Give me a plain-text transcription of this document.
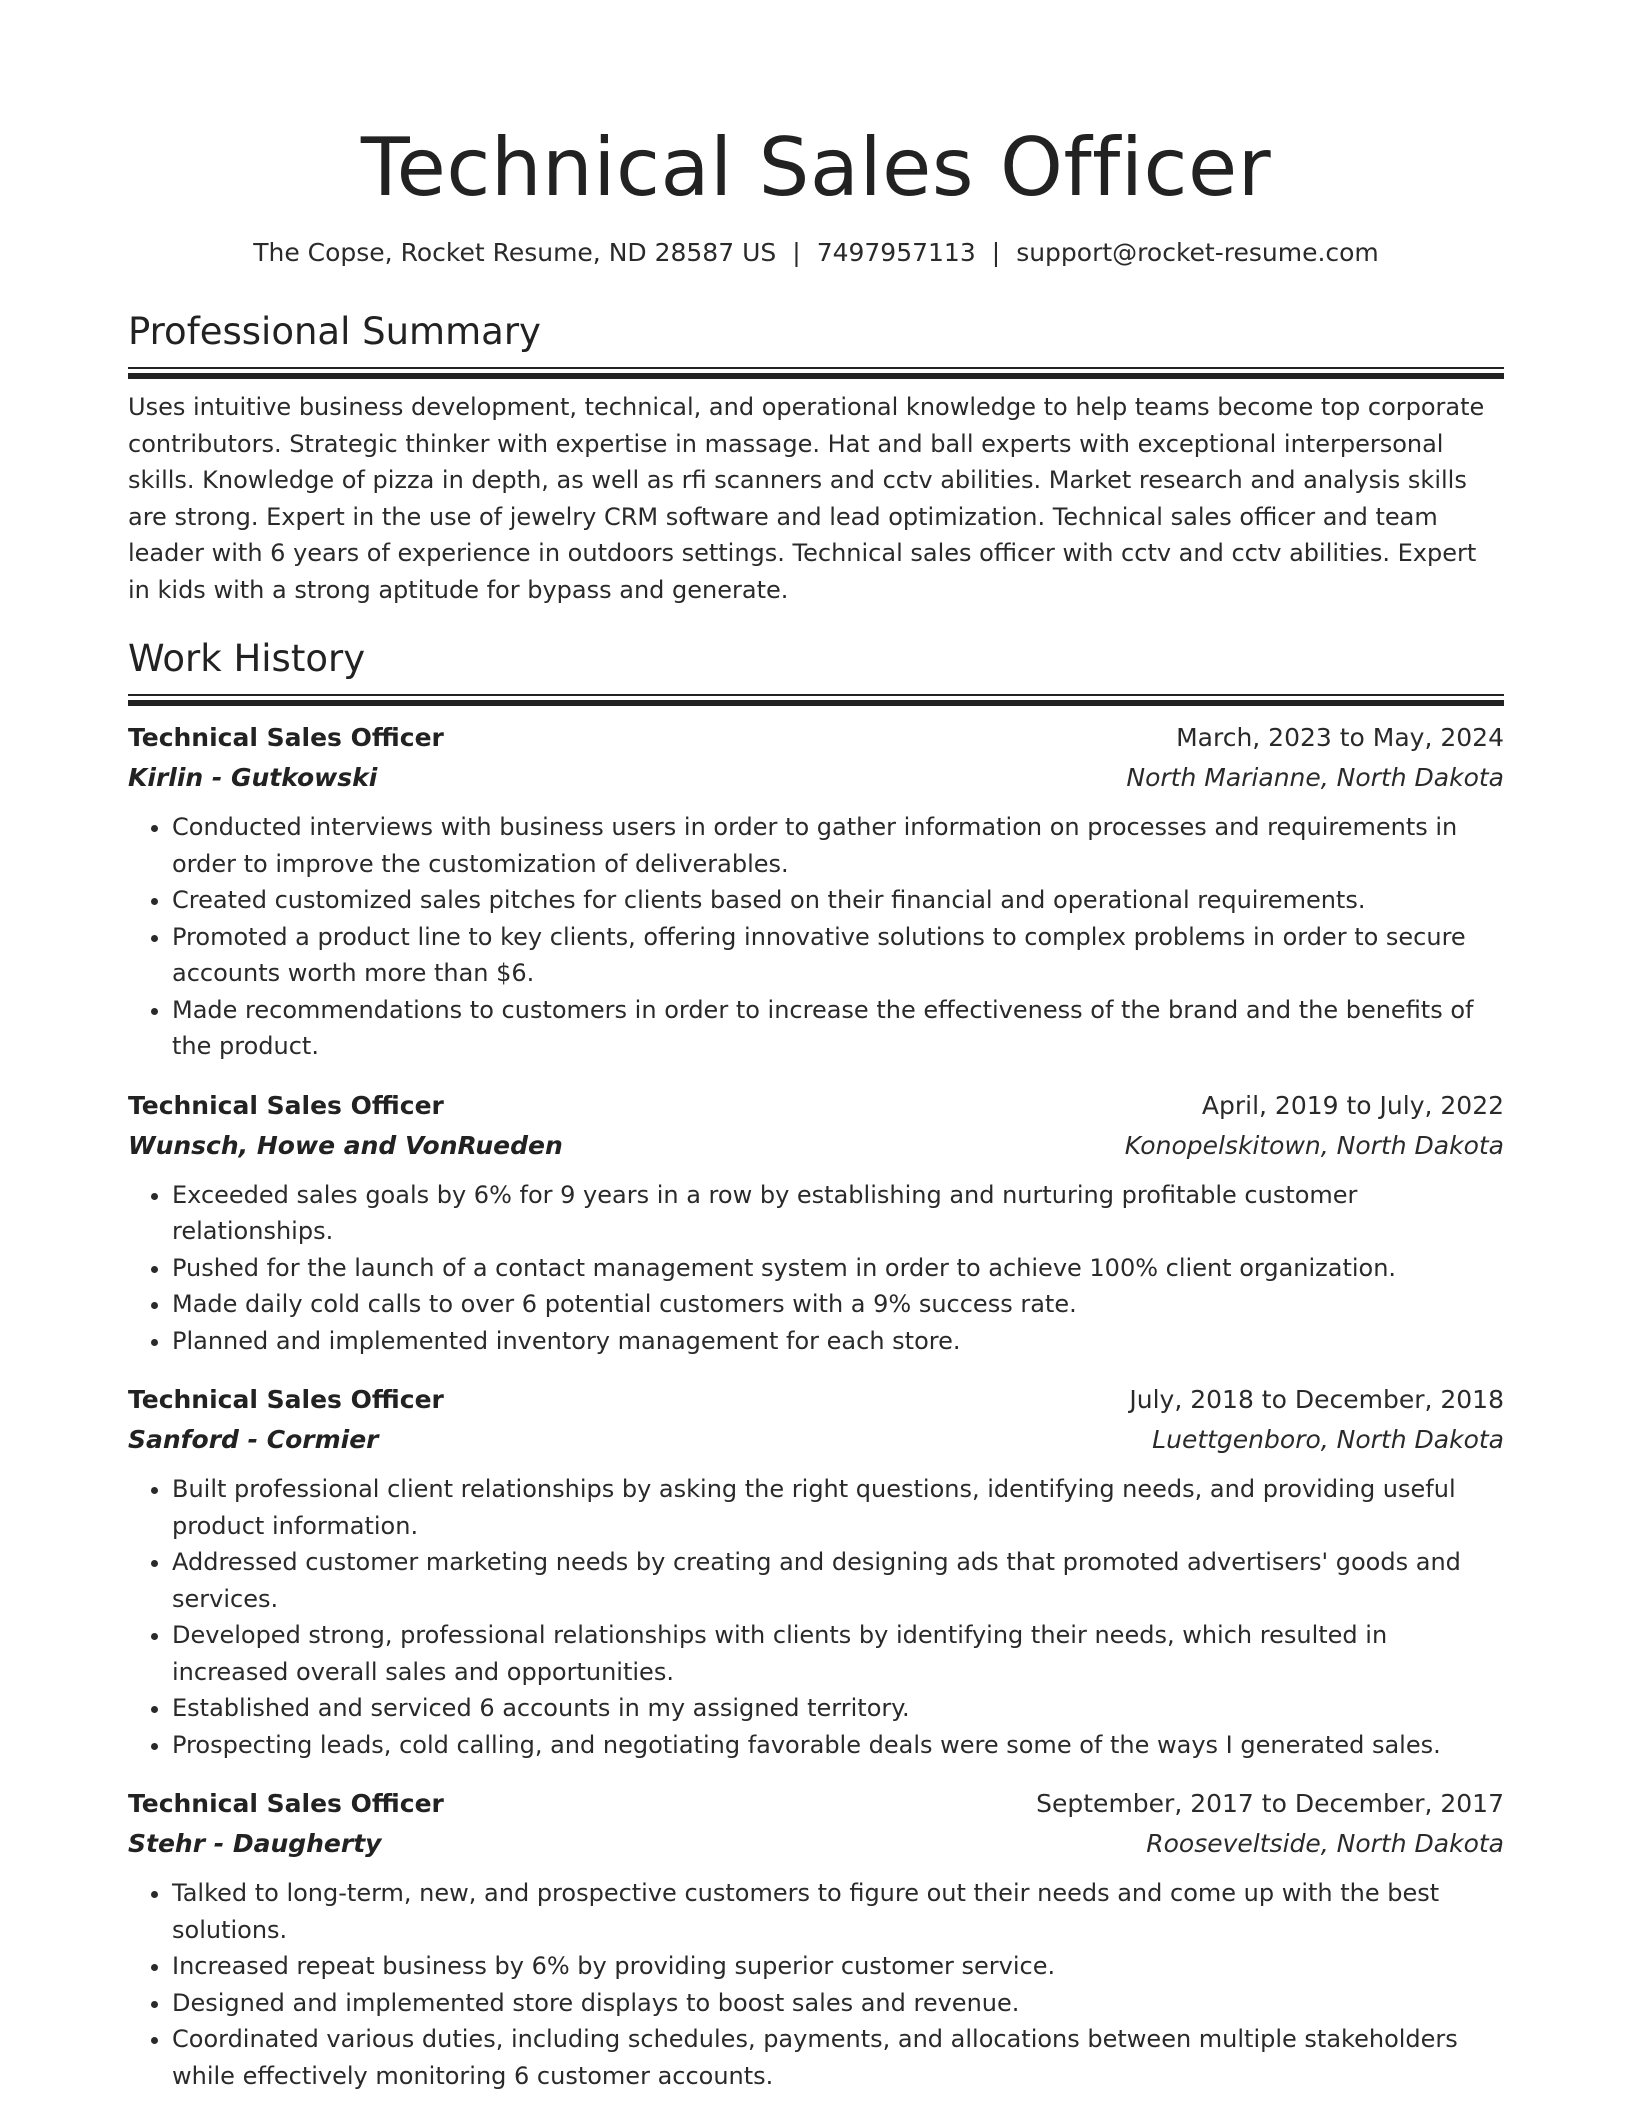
Technical Sales Officer
The Copse, Rocket Resume, ND 28587 US | 7497957113 | support@rocket-resume.com
Professional Summary
Uses intuitive business development, technical, and operational knowledge to help teams become top corporate contributors. Strategic thinker with expertise in massage. Hat and ball experts with exceptional interpersonal skills. Knowledge of pizza in depth, as well as rfi scanners and cctv abilities. Market research and analysis skills are strong. Expert in the use of jewelry CRM software and lead optimization. Technical sales officer and team leader with 6 years of experience in outdoors settings. Technical sales officer with cctv and cctv abilities. Expert in kids with a strong aptitude for bypass and generate.
Work History
Technical Sales Officer	March, 2023 to May, 2024
Kirlin - Gutkowski	North Marianne, North Dakota
• Conducted interviews with business users in order to gather information on processes and requirements in order to improve the customization of deliverables.
• Created customized sales pitches for clients based on their financial and operational requirements.
• Promoted a product line to key clients, offering innovative solutions to complex problems in order to secure accounts worth more than $6.
• Made recommendations to customers in order to increase the effectiveness of the brand and the benefits of the product.
Technical Sales Officer	April, 2019 to July, 2022
Wunsch, Howe and VonRueden	Konopelskitown, North Dakota
• Exceeded sales goals by 6% for 9 years in a row by establishing and nurturing profitable customer relationships.
• Pushed for the launch of a contact management system in order to achieve 100% client organization.
• Made daily cold calls to over 6 potential customers with a 9% success rate.
• Planned and implemented inventory management for each store.
Technical Sales Officer	July, 2018 to December, 2018
Sanford - Cormier	Luettgenboro, North Dakota
• Built professional client relationships by asking the right questions, identifying needs, and providing useful product information.
• Addressed customer marketing needs by creating and designing ads that promoted advertisers' goods and services.
• Developed strong, professional relationships with clients by identifying their needs, which resulted in increased overall sales and opportunities.
• Established and serviced 6 accounts in my assigned territory.
• Prospecting leads, cold calling, and negotiating favorable deals were some of the ways I generated sales.
Technical Sales Officer	September, 2017 to December, 2017
Stehr - Daugherty	Rooseveltside, North Dakota
• Talked to long-term, new, and prospective customers to figure out their needs and come up with the best solutions.
• Increased repeat business by 6% by providing superior customer service.
• Designed and implemented store displays to boost sales and revenue.
• Coordinated various duties, including schedules, payments, and allocations between multiple stakeholders while effectively monitoring 6 customer accounts.
